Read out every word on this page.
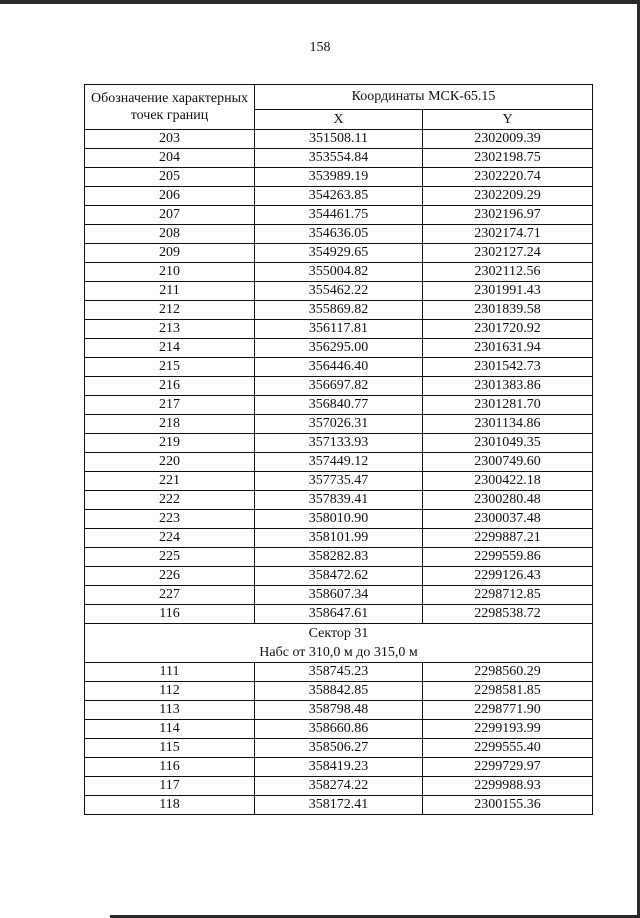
158
Обозначение характерных точек границ	Координаты МСК-65.15	
	X	Y
203	351508.11	2302009.39
204	353554.84	2302198.75
205	353989.19	2302220.74
206	354263.85	2302209.29
207	354461.75	2302196.97
208	354636.05	2302174.71
209	354929.65	2302127.24
210	355004.82	2302112.56
211	355462.22	2301991.43
212	355869.82	2301839.58
213	356117.81	2301720.92
214	356295.00	2301631.94
215	356446.40	2301542.73
216	356697.82	2301383.86
217	356840.77	2301281.70
218	357026.31	2301134.86
219	357133.93	2301049.35
220	357449.12	2300749.60
221	357735.47	2300422.18
222	357839.41	2300280.48
223	358010.90	2300037.48
224	358101.99	2299887.21
225	358282.83	2299559.86
226	358472.62	2299126.43
227	358607.34	2298712.85
116	358647.61	2298538.72

Сектор 31
Набс от 310,0 м до 315,0 м		

111	358745.23	2298560.29
112	358842.85	2298581.85
113	358798.48	2298771.90
114	358660.86	2299193.99
115	358506.27	2299555.40
116	358419.23	2299729.97
117	358274.22	2299988.93
118	358172.41	2300155.36
